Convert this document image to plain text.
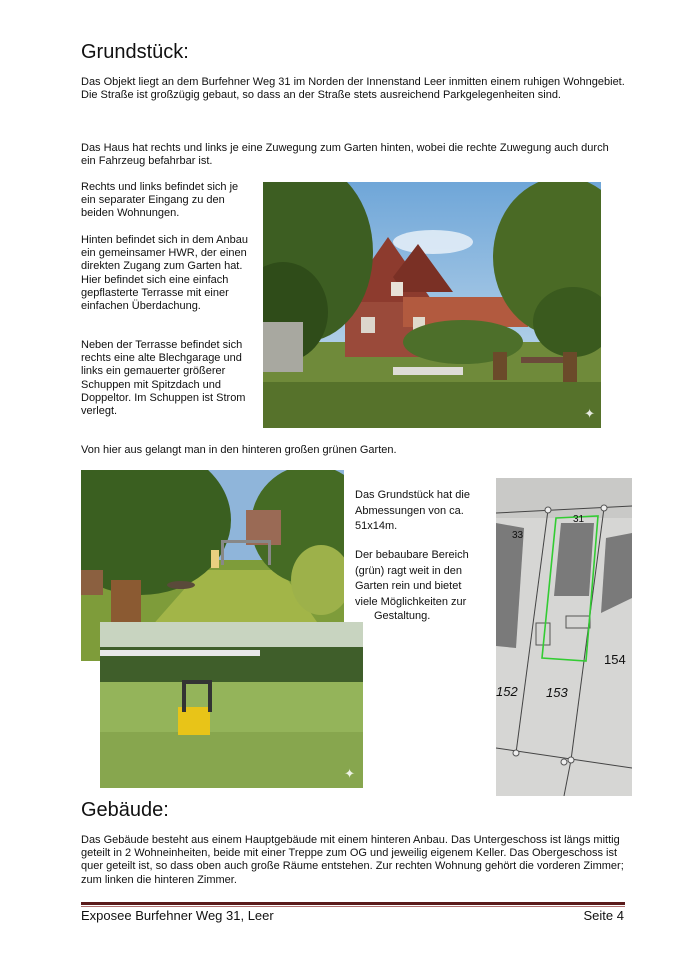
Grundstück:

Das Objekt liegt an dem Burfehner Weg 31 im Norden der Innenstand Leer inmitten einem ruhigen Wohngebiet. Die Straße ist großzügig gebaut, so dass an der Straße stets ausreichend Parkgelegenheiten sind.

Das Haus hat rechts und links je eine Zuwegung zum Garten hinten, wobei die rechte Zuwegung auch durch ein Fahrzeug befahrbar ist.

Rechts und links befindet sich je ein separater Eingang zu den beiden Wohnungen.

Hinten befindet sich in dem Anbau ein gemeinsamer HWR, der einen direkten Zugang zum Garten hat. Hier befindet sich eine einfach gepflasterte Terrasse mit einer einfachen Überdachung.

Neben der Terrasse befindet sich rechts eine alte Blechgarage und links ein gemauerter größerer Schuppen mit Spitzdach und Doppeltor. Im Schuppen ist Strom verlegt.	✦

Von hier aus gelangt man in den hinteren großen grünen Garten.

✦

Das Grundstück hat die Abmessungen von ca. 51x14m.

Der bebaubare Bereich (grün) ragt weit in den Garten rein und bietet viele Möglichkeiten zur

Gestaltung.

31
33
154
152 153
Gebäude:

Das Gebäude besteht aus einem Hauptgebäude mit einem hinteren Anbau. Das Untergeschoss ist längs mittig geteilt in 2 Wohneinheiten, beide mit einer Treppe zum OG und jeweilig eigenem Keller. Das Obergeschoss ist quer geteilt ist, so dass oben auch große Räume entstehen. Zur rechten Wohnung gehört die vorderen Zimmer; zum linken die hinteren Zimmer.

Exposee Burfehner Weg 31, Leer	Seite 4
